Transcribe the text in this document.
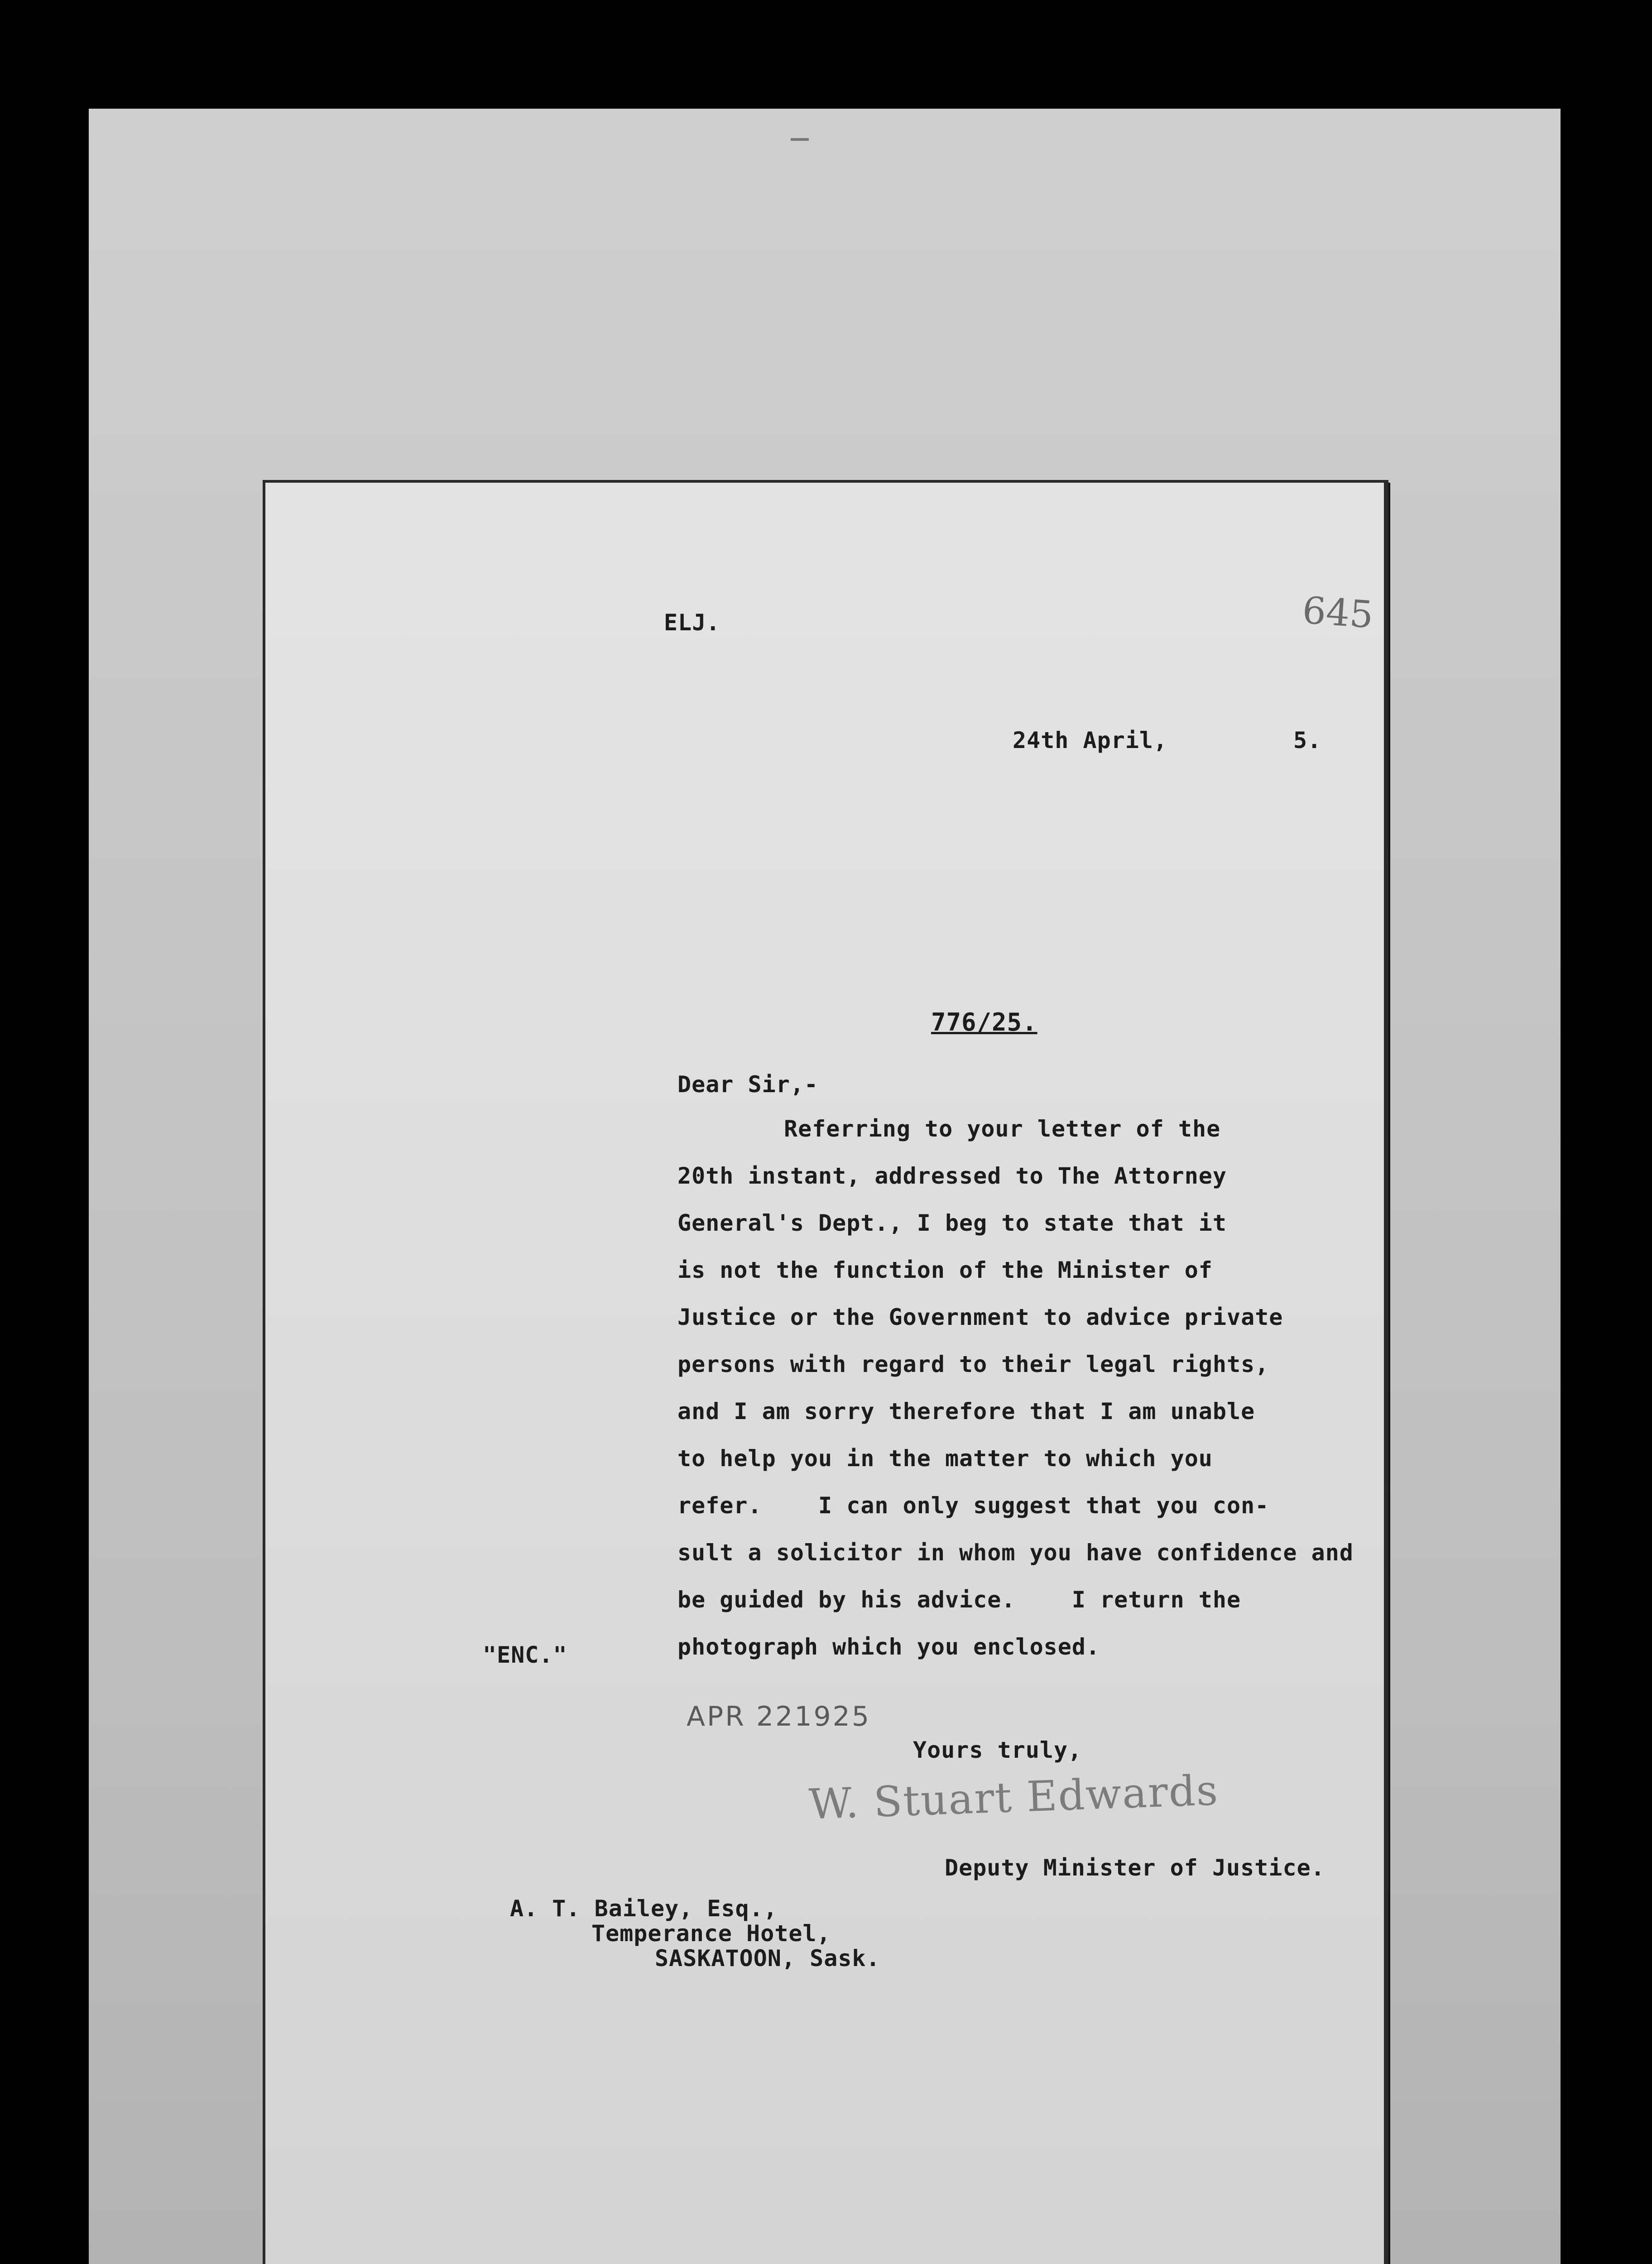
ELJ.	645
24th April,	5.
776/25.
Dear Sir,-

Referring to your letter of the

20th instant, addressed to The Attorney

General's Dept., I beg to state that it

is not the function of the Minister of

Justice or the Government to advice private

persons with regard to their legal rights,

and I am sorry therefore that I am unable

to help you in the matter to which you

refer.    I can only suggest that you con-

sult a solicitor in whom you have confidence and

be guided by his advice.    I return the

photograph which you enclosed.

"ENC."
APR 221925
Yours truly,
W. Stuart Edwards
Deputy Minister of Justice.
A. T. Bailey, Esq.,
Temperance Hotel,
SASKATOON, Sask.
